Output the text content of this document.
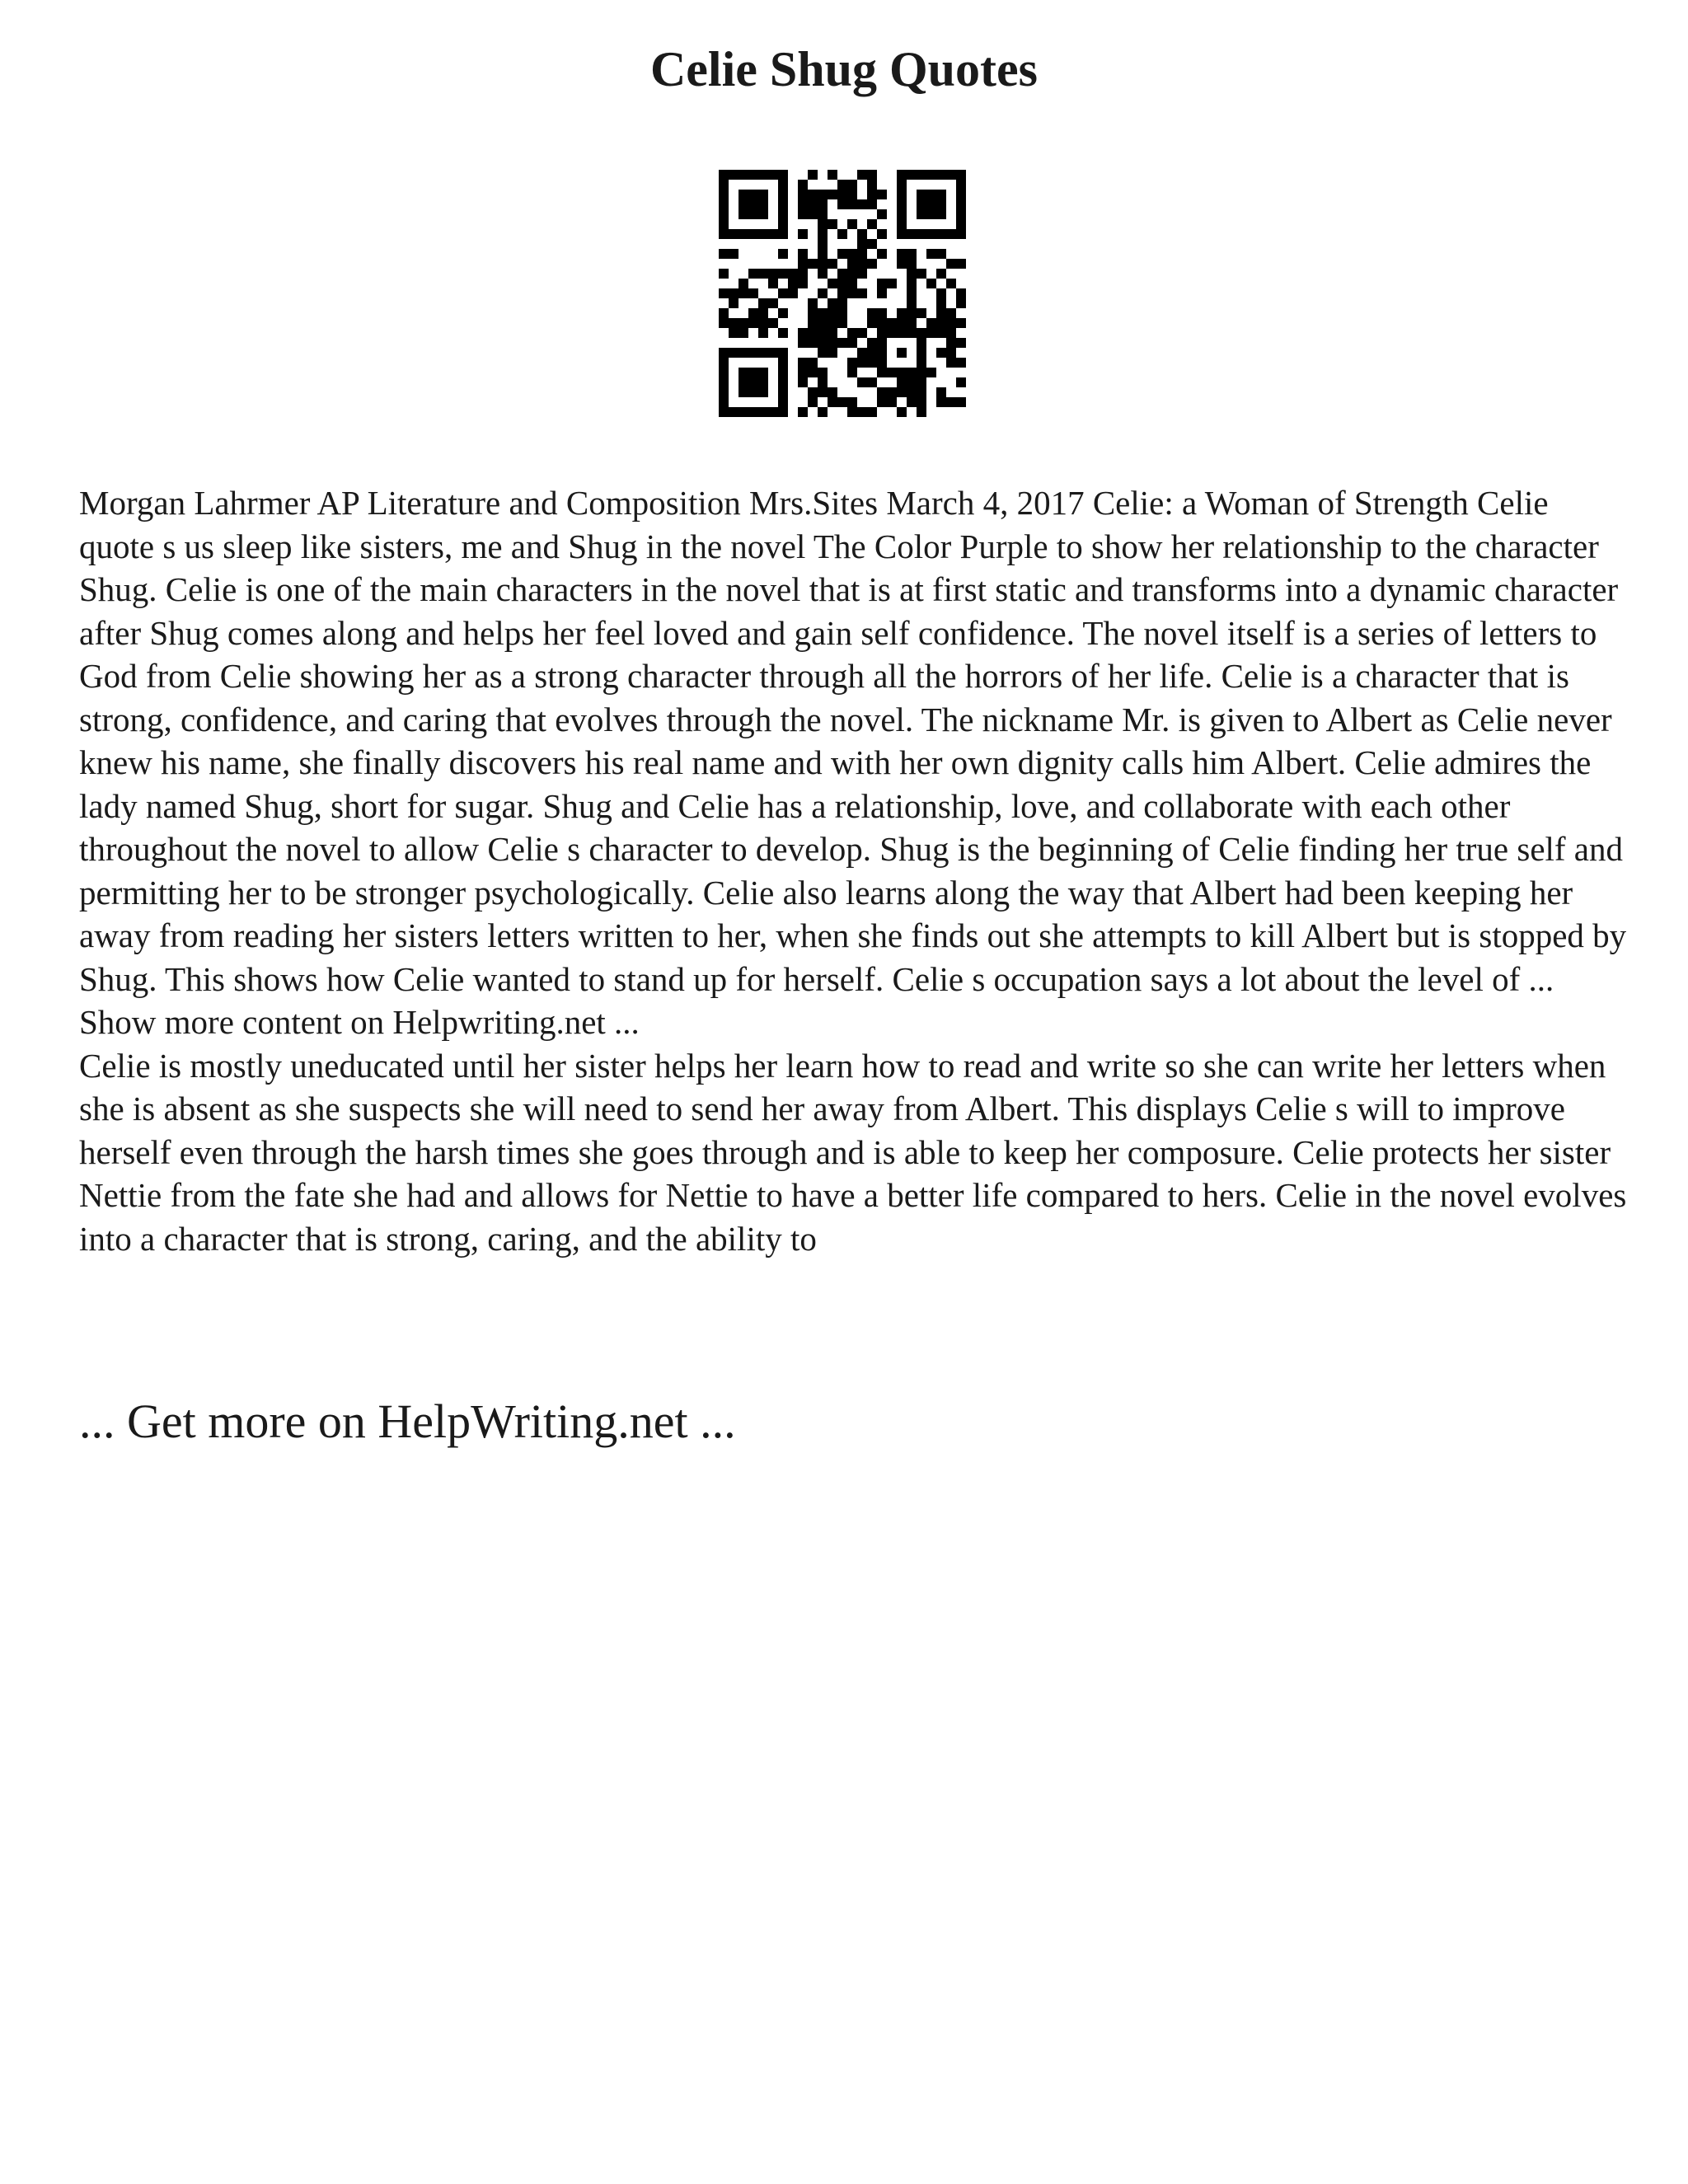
Celie Shug Quotes

Morgan Lahrmer AP Literature and Composition Mrs.Sites March 4, 2017 Celie: a Woman of Strength Celie quote s us sleep like sisters, me and Shug in the novel The Color Purple to show her relationship to the character Shug. Celie is one of the main characters in the novel that is at first static and transforms into a dynamic character after Shug comes along and helps her feel loved and gain self confidence. The novel itself is a series of letters to God from Celie showing her as a strong character through all the horrors of her life. Celie is a character that is strong, confidence, and caring that evolves through the novel. The nickname Mr. is given to Albert as Celie never knew his name, she finally discovers his real name and with her own dignity calls him Albert. Celie admires the lady named Shug, short for sugar. Shug and Celie has a relationship, love, and collaborate with each other throughout the novel to allow Celie s character to develop. Shug is the beginning of Celie finding her true self and permitting her to be stronger psychologically. Celie also learns along the way that Albert had been keeping her away from reading her sisters letters written to her, when she finds out she attempts to kill Albert but is stopped by Shug. This shows how Celie wanted to stand up for herself. Celie s occupation says a lot about the level of ... Show more content on Helpwriting.net ...

Celie is mostly uneducated until her sister helps her learn how to read and write so she can write her letters when she is absent as she suspects she will need to send her away from Albert. This displays Celie s will to improve herself even through the harsh times she goes through and is able to keep her composure. Celie protects her sister Nettie from the fate she had and allows for Nettie to have a better life compared to hers. Celie in the novel evolves into a character that is strong, caring, and the ability to

... Get more on HelpWriting.net ...
